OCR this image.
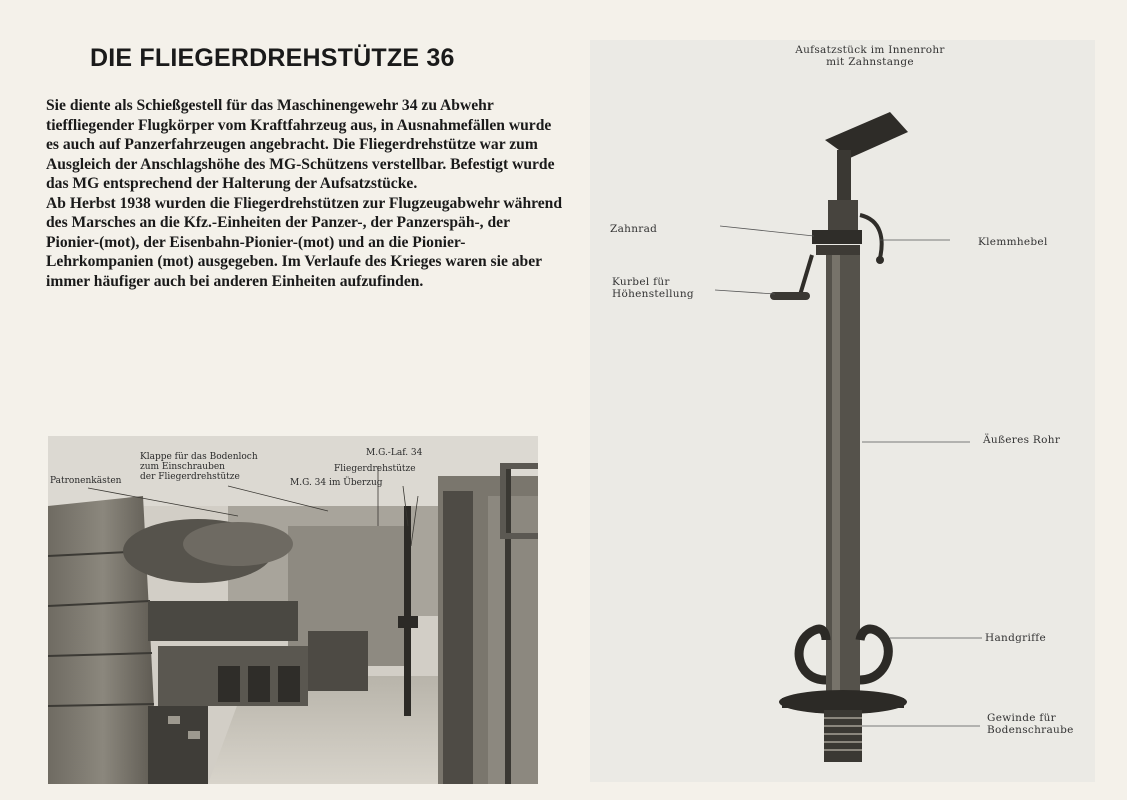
DIE FLIEGERDREHSTÜTZE 36

Sie diente als Schießgestell für das Maschinengewehr 34 zu Abwehr tieffliegender Flugkörper vom Kraftfahrzeug aus, in Ausnahmefällen wurde es auch auf Panzerfahrzeugen angebracht. Die Fliegerdrehstütze war zum Ausgleich der Anschlagshöhe des MG-Schützens verstellbar. Befestigt wurde das MG entsprechend der Halterung der Aufsatzstücke.

Ab Herbst 1938 wurden die Fliegerdrehstützen zur Flugzeugabwehr während des Marsches an die Kfz.-Einheiten der Panzer-, der Panzerspäh-, der Pionier-(mot), der Eisenbahn-Pionier-(mot) und an die Pionier-Lehrkompanien (mot) ausgegeben. Im Verlaufe des Krieges waren sie aber immer häufiger auch bei anderen Einheiten aufzufinden.

Patronenkästen
Klappe für das Bodenloch
zum Einschrauben
der Fliegerdrehstütze
M.G.-Laf. 34
Fliegerdrehstütze
M.G. 34 im Überzug
Aufsatzstück im Innenrohr
mit Zahnstange
Zahnrad
Kurbel für
Höhenstellung
Klemmhebel
Äußeres Rohr
Handgriffe
Gewinde für
Bodenschraube
